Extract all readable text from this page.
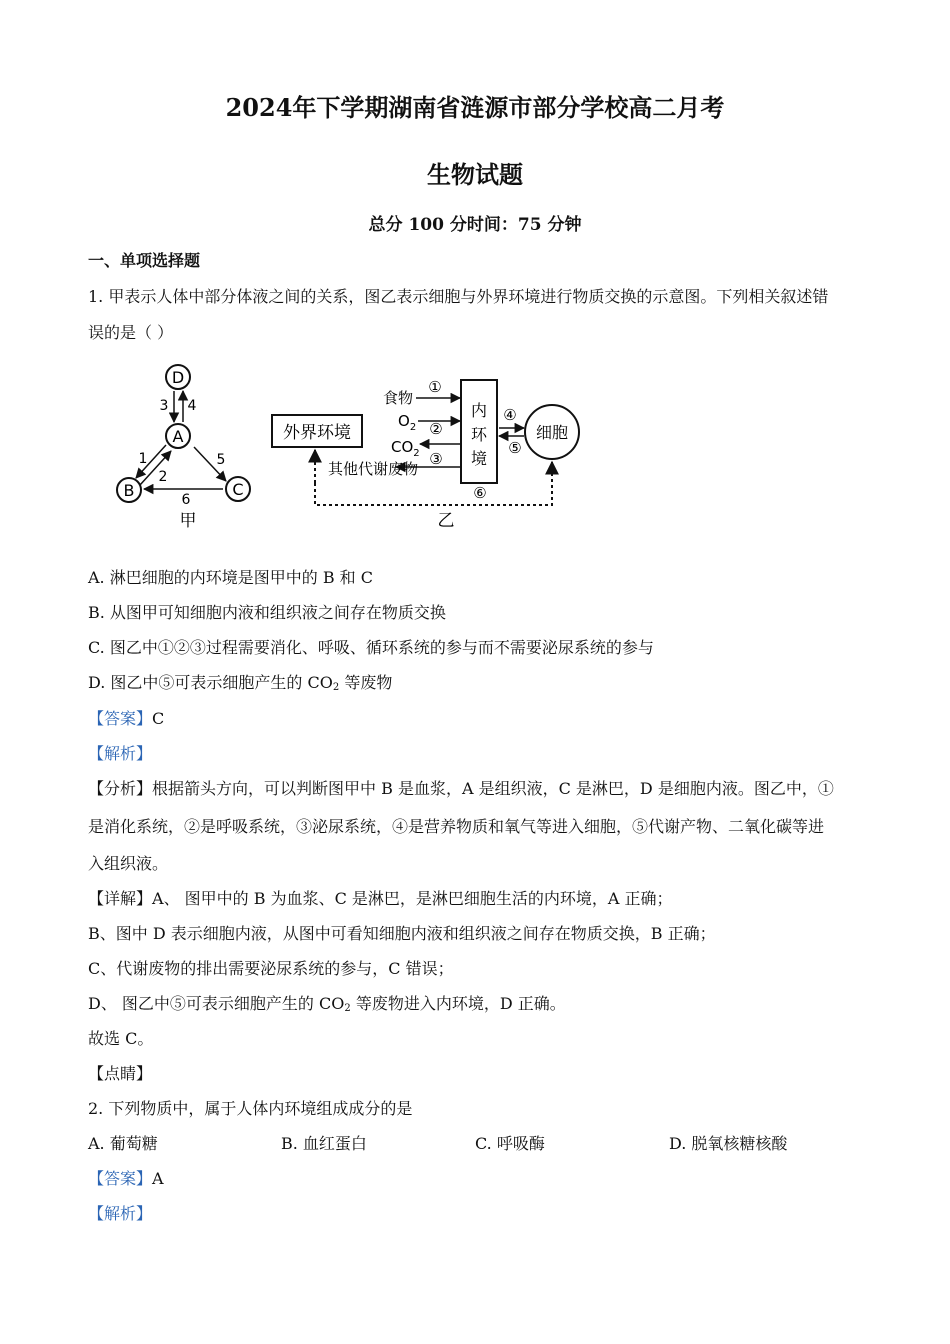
2024年下学期湖南省涟源市部分学校高二月考
生物试题
总分 100 分时间：75 分钟
一、单项选择题
1. 甲表示人体中部分体液之间的关系，图乙表示细胞与外界环境进行物质交换的示意图。下列相关叙述错
误的是（ ）
D
A
B	C
3 4
1
2
5
6
甲
外界环境
内
环
境
细胞
食物
①
$O_2$ ②
$CO_2$ ③
其他代谢废物
④
⑤
⑥
乙
A. 淋巴细胞的内环境是图甲中的 B 和 C
B. 从图甲可知细胞内液和组织液之间存在物质交换
C. 图乙中①②③过程需要消化、呼吸、循环系统的参与而不需要泌尿系统的参与
D. 图乙中⑤可表示细胞产生的 $CO_2$ 等废物
【答案】C
【解析】
【分析】根据箭头方向，可以判断图甲中 B 是血浆，A 是组织液，C 是淋巴，D 是细胞内液。图乙中，①
是消化系统，②是呼吸系统，③泌尿系统，④是营养物质和氧气等进入细胞，⑤代谢产物、二氧化碳等进
入组织液。
【详解】A、 图甲中的 B 为血浆、C 是淋巴，是淋巴细胞生活的内环境，A 正确；
B、图中 D 表示细胞内液，从图中可看知细胞内液和组织液之间存在物质交换，B 正确；
C、代谢废物的排出需要泌尿系统的参与，C 错误；
D、 图乙中⑤可表示细胞产生的 $CO_2$ 等废物进入内环境，D 正确。
故选 C。
【点睛】
2. 下列物质中，属于人体内环境组成成分的是
A. 葡萄糖	B. 血红蛋白	C. 呼吸酶	D. 脱氧核糖核酸
【答案】A
【解析】
